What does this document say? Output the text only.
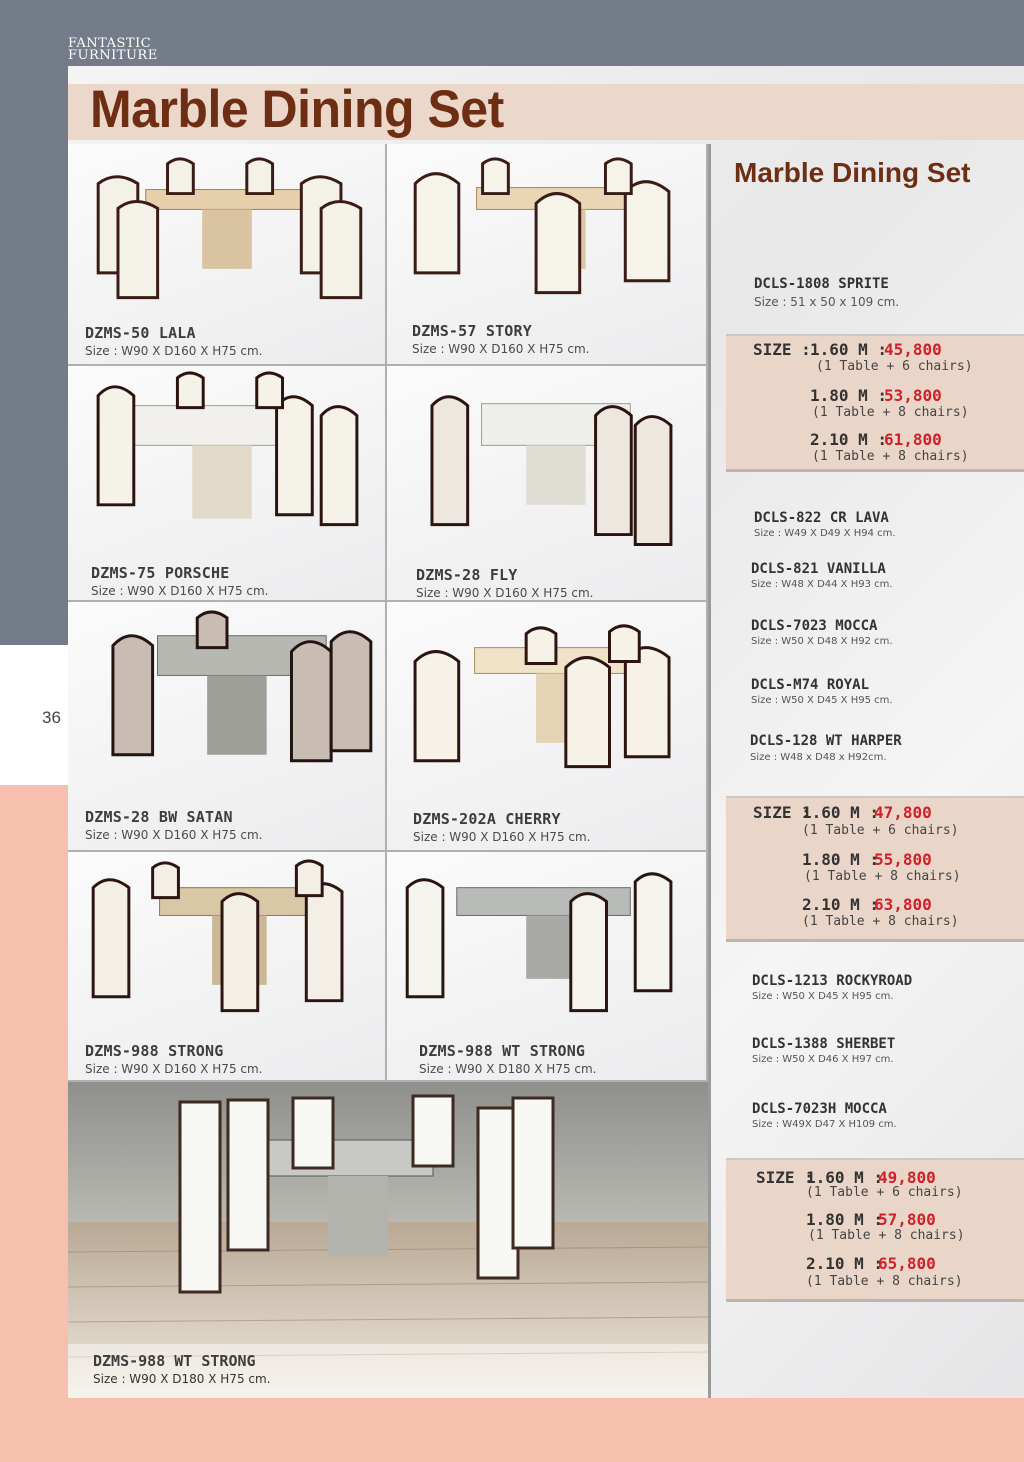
FANTASTIC
FURNITURE
36
Marble Dining Set
DZMS-50 LALA
Size : W90 X D160 X H75 cm.
DZMS-57 STORY
Size : W90 X D160 X H75 cm.
DZMS-75 PORSCHE
Size : W90 X D160 X H75 cm.
DZMS-28 FLY
Size : W90 X D160 X H75 cm.
DZMS-28 BW SATAN
Size : W90 X D160 X H75 cm.
DZMS-202A CHERRY
Size : W90 X D160 X H75 cm.
DZMS-988 STRONG
Size : W90 X D160 X H75 cm.
DZMS-988 WT STRONG
Size : W90 X D180 X H75 cm.
DZMS-988 WT STRONG
Size : W90 X D180 X H75 cm.
Marble Dining Set
DCLS-1808 SPRITE
Size : 51 x 50 x 109 cm.
SIZE : 1.60 M :
45,800
(1 Table + 6 chairs)
1.80 M :
53,800
(1 Table + 8 chairs)
2.10 M :
61,800
(1 Table + 8 chairs)
DCLS-822 CR LAVA
Size : W49 X D49 X H94 cm.
DCLS-821 VANILLA
Size : W48 X D44 X H93 cm.
DCLS-7023 MOCCA
Size : W50 X D48 X H92 cm.
DCLS-M74 ROYAL
Size : W50 X D45 X H95 cm.
DCLS-128 WT HARPER
Size : W48 x D48 x H92cm.
SIZE :
1.60 M :
47,800
(1 Table + 6 chairs)
1.80 M :
55,800
(1 Table + 8 chairs)
2.10 M :
63,800
(1 Table + 8 chairs)
DCLS-1213 ROCKYROAD
Size : W50 X D45 X H95 cm.
DCLS-1388 SHERBET
Size : W50 X D46 X H97 cm.
DCLS-7023H MOCCA
Size : W49X D47 X H109 cm.
SIZE :
1.60 M :
49,800
(1 Table + 6 chairs)
1.80 M :
57,800
(1 Table + 8 chairs)
2.10 M :
65,800
(1 Table + 8 chairs)
